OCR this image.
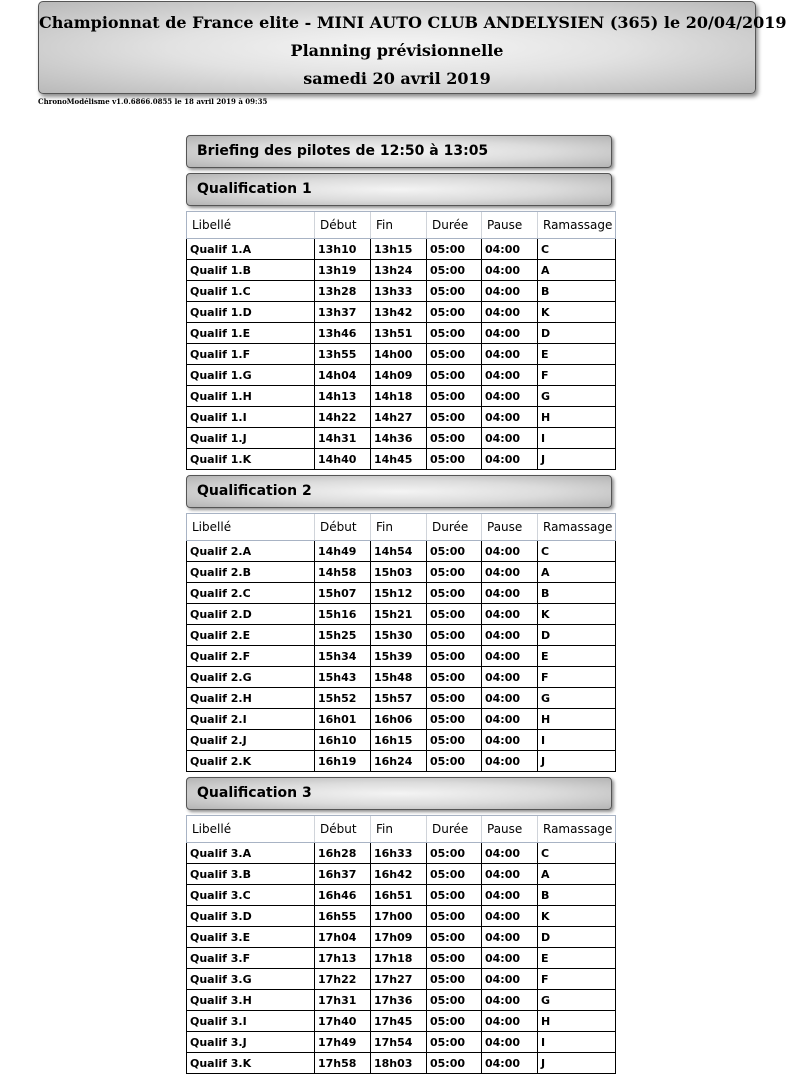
Championnat de France elite - MINI AUTO CLUB ANDELYSIEN (365) le 20/04/2019
Planning prévisionnelle
samedi 20 avril 2019
ChronoModélisme v1.0.6866.0855 le 18 avril 2019 à 09:35
Briefing des pilotes de 12:50 à 13:05
Qualification 1
Libellé	Début	Fin	Durée	Pause	Ramassage
Qualif 1.A	13h10	13h15	05:00	04:00	C
Qualif 1.B	13h19	13h24	05:00	04:00	A
Qualif 1.C	13h28	13h33	05:00	04:00	B
Qualif 1.D	13h37	13h42	05:00	04:00	K
Qualif 1.E	13h46	13h51	05:00	04:00	D
Qualif 1.F	13h55	14h00	05:00	04:00	E
Qualif 1.G	14h04	14h09	05:00	04:00	F
Qualif 1.H	14h13	14h18	05:00	04:00	G
Qualif 1.I	14h22	14h27	05:00	04:00	H
Qualif 1.J	14h31	14h36	05:00	04:00	I
Qualif 1.K	14h40	14h45	05:00	04:00	J
Qualification 2
Libellé	Début	Fin	Durée	Pause	Ramassage
Qualif 2.A	14h49	14h54	05:00	04:00	C
Qualif 2.B	14h58	15h03	05:00	04:00	A
Qualif 2.C	15h07	15h12	05:00	04:00	B
Qualif 2.D	15h16	15h21	05:00	04:00	K
Qualif 2.E	15h25	15h30	05:00	04:00	D
Qualif 2.F	15h34	15h39	05:00	04:00	E
Qualif 2.G	15h43	15h48	05:00	04:00	F
Qualif 2.H	15h52	15h57	05:00	04:00	G
Qualif 2.I	16h01	16h06	05:00	04:00	H
Qualif 2.J	16h10	16h15	05:00	04:00	I
Qualif 2.K	16h19	16h24	05:00	04:00	J
Qualification 3
Libellé	Début	Fin	Durée	Pause	Ramassage
Qualif 3.A	16h28	16h33	05:00	04:00	C
Qualif 3.B	16h37	16h42	05:00	04:00	A
Qualif 3.C	16h46	16h51	05:00	04:00	B
Qualif 3.D	16h55	17h00	05:00	04:00	K
Qualif 3.E	17h04	17h09	05:00	04:00	D
Qualif 3.F	17h13	17h18	05:00	04:00	E
Qualif 3.G	17h22	17h27	05:00	04:00	F
Qualif 3.H	17h31	17h36	05:00	04:00	G
Qualif 3.I	17h40	17h45	05:00	04:00	H
Qualif 3.J	17h49	17h54	05:00	04:00	I
Qualif 3.K	17h58	18h03	05:00	04:00	J
